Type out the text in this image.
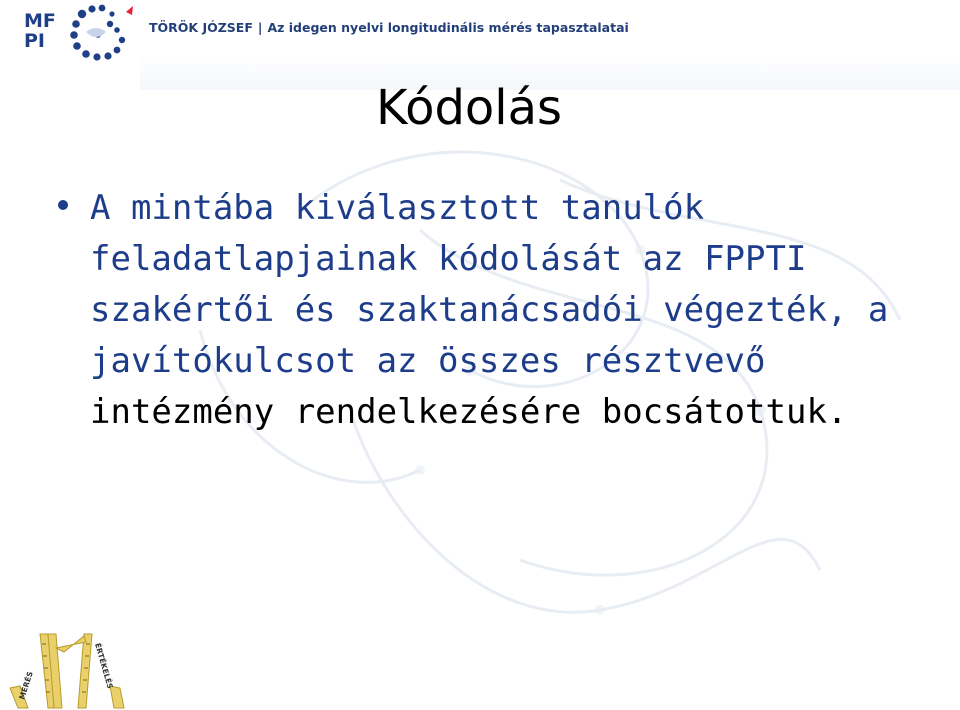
MF
PI
TÖRÖK JÓZSEF | Az idegen nyelvi longitudinális mérés tapasztalatai
Kódolás
A mintába kiválasztott tanulók
feladatlapjainak kódolását az FPPTI
szakértői és szaktanácsadói végezték, a
javítókulcsot az összes résztvevő
intézmény rendelkezésére bocsátottuk.
MÉRÉS	ÉRTÉKELÉS
